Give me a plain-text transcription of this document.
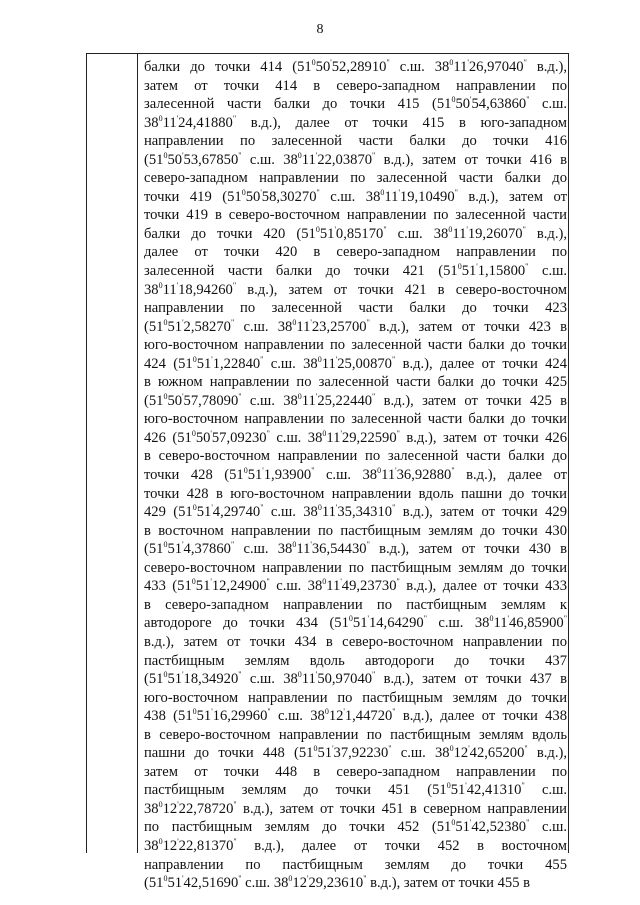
8
балки до точки 414 ($51^050'52,28910^"$ с.ш. $38^011'26,97040^"$ в.д.),
затем от точки 414 в северо-западном направлении по
залесенной части балки до точки 415 ($51^050'54,63860^"$ с.ш.
$38^011'24,41880^"$ в.д.), далее от точки 415 в юго-западном
направлении по залесенной части балки до точки 416
($51^050'53,67850^"$ с.ш. $38^011'22,03870^"$ в.д.), затем от точки 416 в
северо-западном направлении по залесенной части балки до
точки 419 ($51^050'58,30270^"$ с.ш. $38^011'19,10490^"$ в.д.), затем от
точки 419 в северо-восточном направлении по залесенной части
балки до точки 420 ($51^051'0,85170^"$ с.ш. $38^011'19,26070^"$ в.д.),
далее от точки 420 в северо-западном направлении по
залесенной части балки до точки 421 ($51^051'1,15800^"$ с.ш.
$38^011'18,94260^"$ в.д.), затем от точки 421 в северо-восточном
направлении по залесенной части балки до точки 423
($51^051'2,58270^"$ с.ш. $38^011'23,25700^"$ в.д.), затем от точки 423 в
юго-восточном направлении по залесенной части балки до точки
424 ($51^051'1,22840^"$ с.ш. $38^011'25,00870^"$ в.д.), далее от точки 424
в южном направлении по залесенной части балки до точки 425
($51^050'57,78090^"$ с.ш. $38^011'25,22440^"$ в.д.), затем от точки 425 в
юго-восточном направлении по залесенной части балки до точки
426 ($51^050'57,09230^"$ с.ш. $38^011'29,22590^"$ в.д.), затем от точки 426
в северо-восточном направлении по залесенной части балки до
точки 428 ($51^051'1,93900^"$ с.ш. $38^011'36,92880^"$ в.д.), далее от
точки 428 в юго-восточном направлении вдоль пашни до точки
429 ($51^051'4,29740^"$ с.ш. $38^011'35,34310^"$ в.д.), затем от точки 429
в восточном направлении по пастбищным землям до точки 430
($51^051'4,37860^"$ с.ш. $38^011'36,54430^"$ в.д.), затем от точки 430 в
северо-восточном направлении по пастбищным землям до точки
433 ($51^051'12,24900^"$ с.ш. $38^011'49,23730^"$ в.д.), далее от точки 433
в северо-западном направлении по пастбищным землям к
автодороге до точки 434 ($51^051'14,64290^"$ с.ш. $38^011'46,85900^"$
в.д.), затем от точки 434 в северо-восточном направлении по
пастбищным землям вдоль автодороги до точки 437
($51^051'18,34920^"$ с.ш. $38^011'50,97040^"$ в.д.), затем от точки 437 в
юго-восточном направлении по пастбищным землям до точки
438 ($51^051'16,29960^"$ с.ш. $38^012'1,44720^"$ в.д.), далее от точки 438
в северо-восточном направлении по пастбищным землям вдоль
пашни до точки 448 ($51^051'37,92230^"$ с.ш. $38^012'42,65200^"$ в.д.),
затем от точки 448 в северо-западном направлении по
пастбищным землям до точки 451 ($51^051'42,41310^"$ с.ш.
$38^012'22,78720^"$ в.д.), затем от точки 451 в северном направлении
по пастбищным землям до точки 452 ($51^051'42,52380^"$ с.ш.
$38^012'22,81370^"$ в.д.), далее от точки 452 в восточном
направлении по пастбищным землям до точки 455
($51^051'42,51690^"$ с.ш. $38^012'29,23610^"$ в.д.), затем от точки 455 в
